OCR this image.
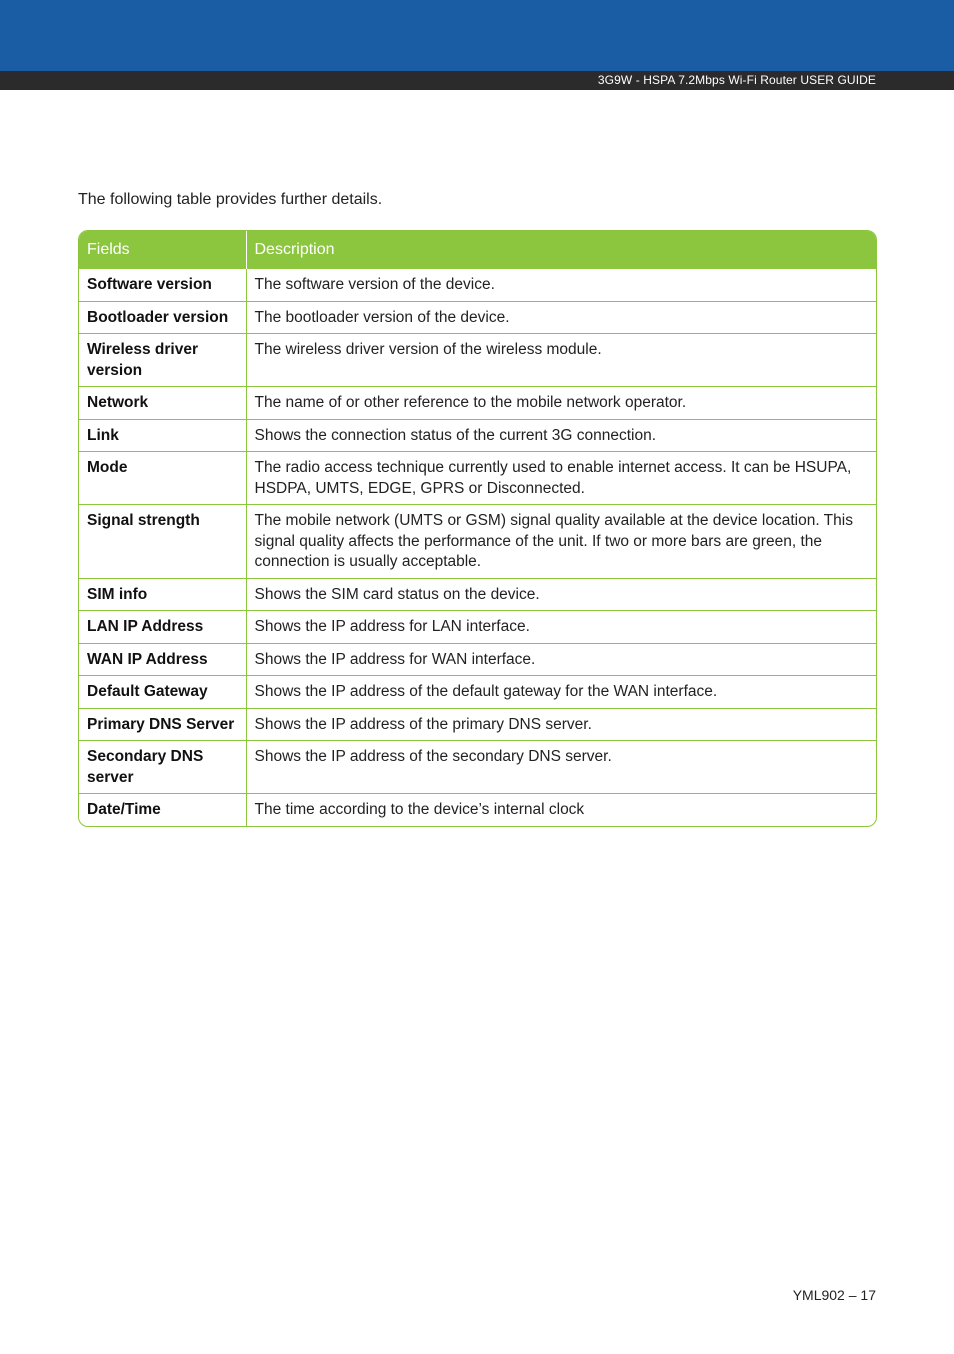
3G9W - HSPA 7.2Mbps Wi-Fi Router USER GUIDE
The following table provides further details.
Fields	Description
Software version	The software version of the device.
Bootloader version	The bootloader version of the device.
Wireless driver version	The wireless driver version of the wireless module.
Network	The name of or other reference to the mobile network operator.
Link	Shows the connection status of the current 3G connection.
Mode	The radio access technique currently used to enable internet access. It can be HSUPA, HSDPA, UMTS, EDGE, GPRS or Disconnected.
Signal strength	The mobile network (UMTS or GSM) signal quality available at the device location. This signal quality affects the performance of the unit. If two or more bars are green, the connection is usually acceptable.
SIM info	Shows the SIM card status on the device.
LAN IP Address	Shows the IP address for LAN interface.
WAN IP Address	Shows the IP address for WAN interface.
Default Gateway	Shows the IP address of the default gateway for the WAN interface.
Primary DNS Server	Shows the IP address of the primary DNS server.
Secondary DNS server	Shows the IP address of the secondary DNS server.
Date/Time	The time according to the device’s internal clock
YML902 – 17
